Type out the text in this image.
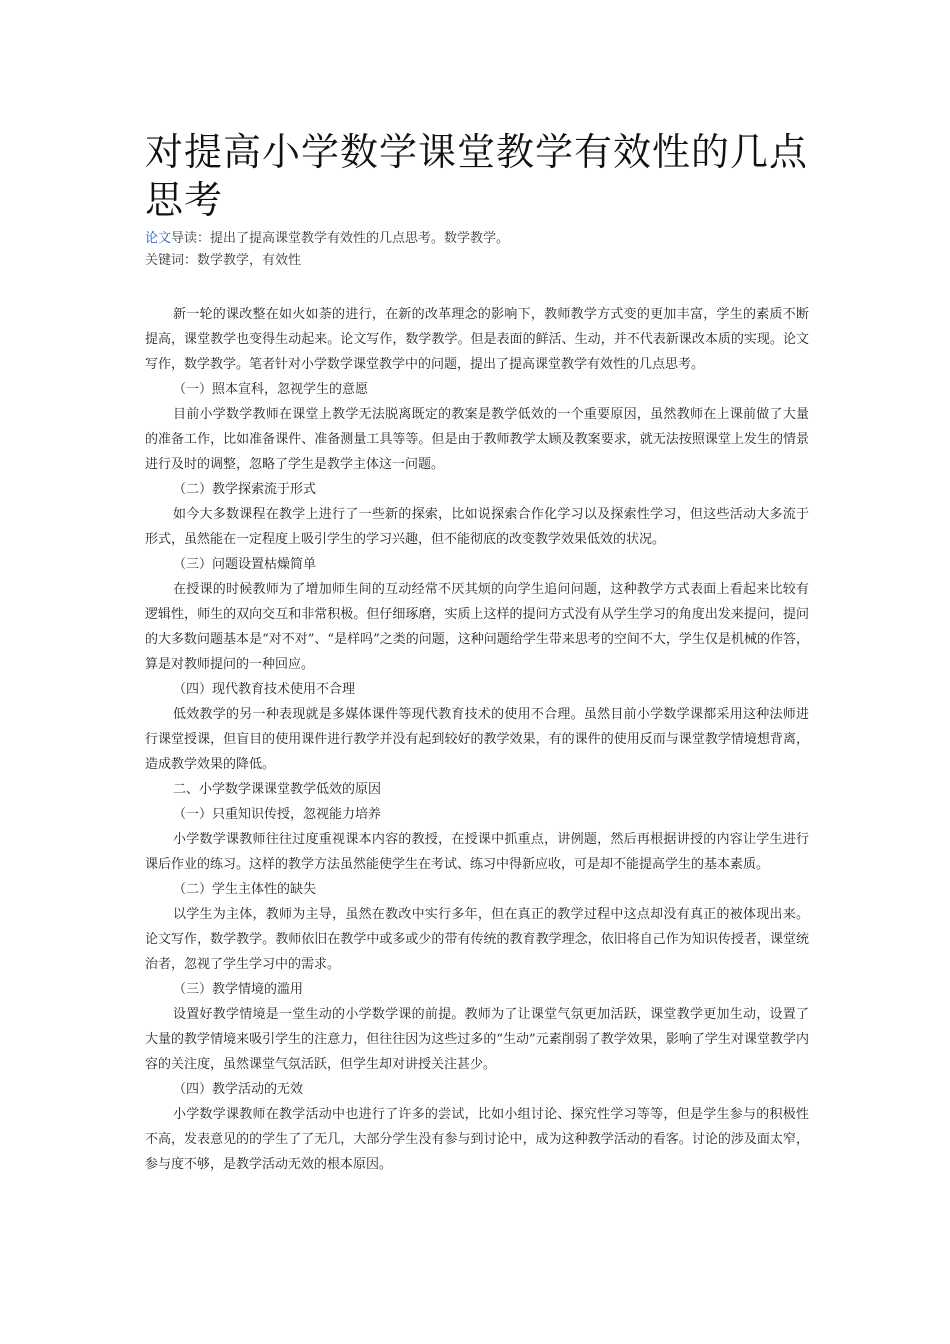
对提高小学数学课堂教学有效性的几点思考

论文导读：提出了提高课堂教学有效性的几点思考。数学教学。

关键词：数学教学，有效性

新一轮的课改整在如火如荼的进行，在新的改革理念的影响下，教师教学方式变的更加丰富，学生的素质不断提高，课堂教学也变得生动起来。论文写作，数学教学。但是表面的鲜活、生动，并不代表新课改本质的实现。论文写作，数学教学。笔者针对小学数学课堂教学中的问题，提出了提高课堂教学有效性的几点思考。

（一）照本宣科，忽视学生的意愿

目前小学数学教师在课堂上教学无法脱离既定的教案是教学低效的一个重要原因，虽然教师在上课前做了大量的准备工作，比如准备课件、准备测量工具等等。但是由于教师教学太顾及教案要求，就无法按照课堂上发生的情景进行及时的调整，忽略了学生是教学主体这一问题。

（二）教学探索流于形式

如今大多数课程在教学上进行了一些新的探索，比如说探索合作化学习以及探索性学习，但这些活动大多流于形式，虽然能在一定程度上吸引学生的学习兴趣，但不能彻底的改变教学效果低效的状况。

（三）问题设置枯燥简单

在授课的时候教师为了增加师生间的互动经常不厌其烦的向学生追问问题，这种教学方式表面上看起来比较有逻辑性，师生的双向交互和非常积极。但仔细琢磨，实质上这样的提问方式没有从学生学习的角度出发来提问，提问的大多数问题基本是“对不对”、“是样吗”之类的问题，这种问题给学生带来思考的空间不大，学生仅是机械的作答，算是对教师提问的一种回应。

（四）现代教育技术使用不合理

低效教学的另一种表现就是多媒体课件等现代教育技术的使用不合理。虽然目前小学数学课都采用这种法师进行课堂授课，但盲目的使用课件进行教学并没有起到较好的教学效果，有的课件的使用反而与课堂教学情境想背离，造成教学效果的降低。

二、小学数学课课堂教学低效的原因

（一）只重知识传授，忽视能力培养

小学数学课教师往往过度重视课本内容的教授，在授课中抓重点，讲例题，然后再根据讲授的内容让学生进行课后作业的练习。这样的教学方法虽然能使学生在考试、练习中得新应收，可是却不能提高学生的基本素质。

（二）学生主体性的缺失

以学生为主体，教师为主导，虽然在教改中实行多年，但在真正的教学过程中这点却没有真正的被体现出来。论文写作，数学教学。教师依旧在教学中或多或少的带有传统的教育教学理念，依旧将自己作为知识传授者，课堂统治者，忽视了学生学习中的需求。

（三）教学情境的滥用

设置好教学情境是一堂生动的小学数学课的前提。教师为了让课堂气氛更加活跃，课堂教学更加生动，设置了大量的教学情境来吸引学生的注意力，但往往因为这些过多的“生动”元素削弱了教学效果，影响了学生对课堂教学内容的关注度，虽然课堂气氛活跃，但学生却对讲授关注甚少。

（四）教学活动的无效

小学数学课教师在教学活动中也进行了许多的尝试，比如小组讨论、探究性学习等等，但是学生参与的积极性不高，发表意见的的学生了了无几，大部分学生没有参与到讨论中，成为这种教学活动的看客。讨论的涉及面太窄，参与度不够，是教学活动无效的根本原因。
